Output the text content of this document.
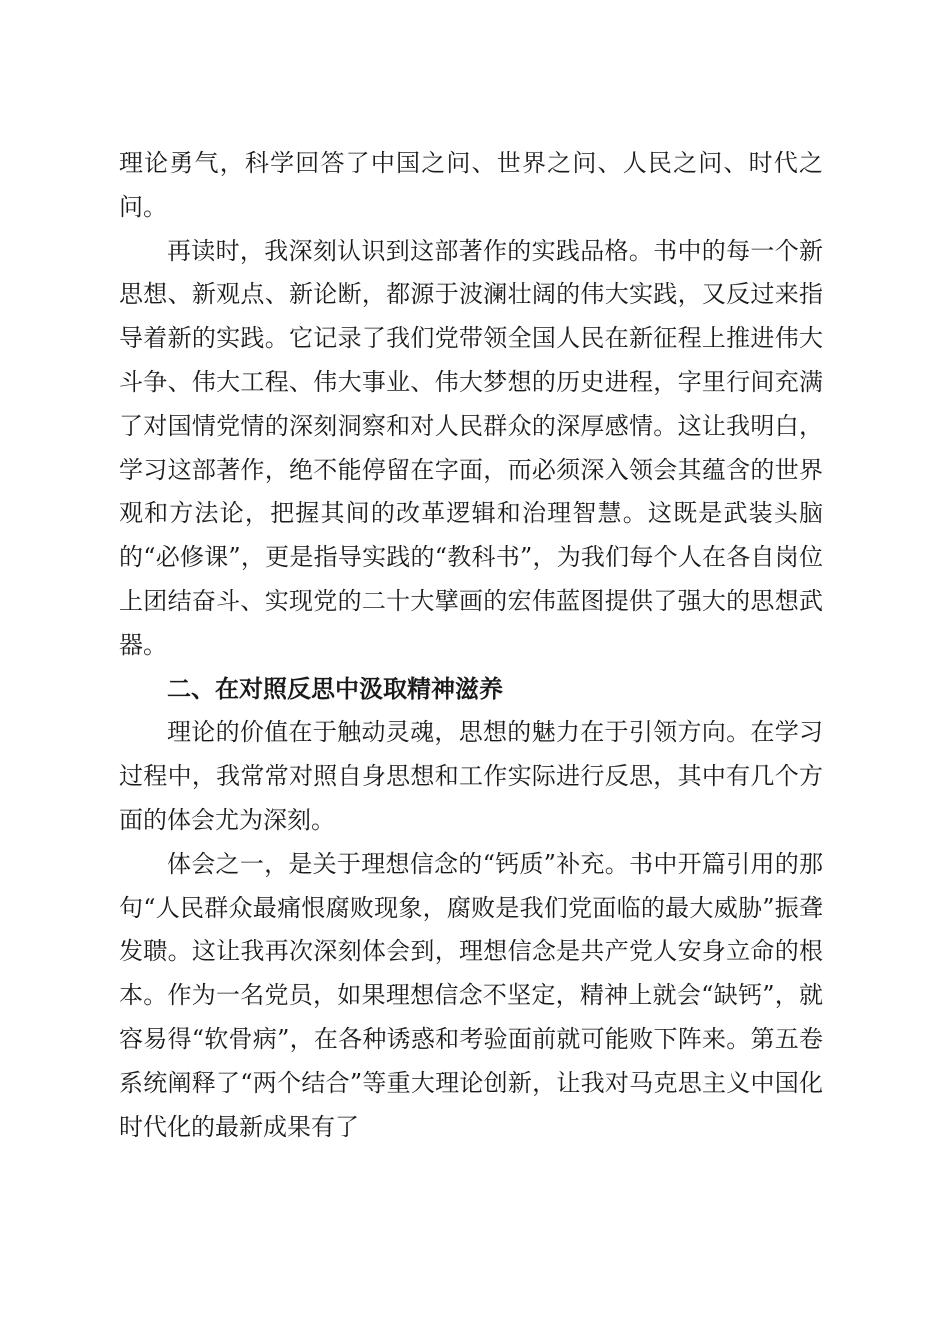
理论勇气，科学回答了中国之问、世界之问、人民之问、时代之问。

再读时，我深刻认识到这部著作的实践品格。书中的每一个新思想、新观点、新论断，都源于波澜壮阔的伟大实践，又反过来指导着新的实践。它记录了我们党带领全国人民在新征程上推进伟大斗争、伟大工程、伟大事业、伟大梦想的历史进程，字里行间充满了对国情党情的深刻洞察和对人民群众的深厚感情。这让我明白，学习这部著作，绝不能停留在字面，而必须深入领会其蕴含的世界观和方法论，把握其间的改革逻辑和治理智慧。这既是武装头脑的“必修课”，更是指导实践的“教科书”，为我们每个人在各自岗位上团结奋斗、实现党的二十大擘画的宏伟蓝图提供了强大的思想武器。

二、在对照反思中汲取精神滋养

理论的价值在于触动灵魂，思想的魅力在于引领方向。在学习过程中，我常常对照自身思想和工作实际进行反思，其中有几个方面的体会尤为深刻。

体会之一，是关于理想信念的“钙质”补充。书中开篇引用的那句“人民群众最痛恨腐败现象，腐败是我们党面临的最大威胁”振聋发聩。这让我再次深刻体会到，理想信念是共产党人安身立命的根本。作为一名党员，如果理想信念不坚定，精神上就会“缺钙”，就容易得“软骨病”，在各种诱惑和考验面前就可能败下阵来。第五卷系统阐释了“两个结合”等重大理论创新，让我对马克思主义中国化时代化的最新成果有了
